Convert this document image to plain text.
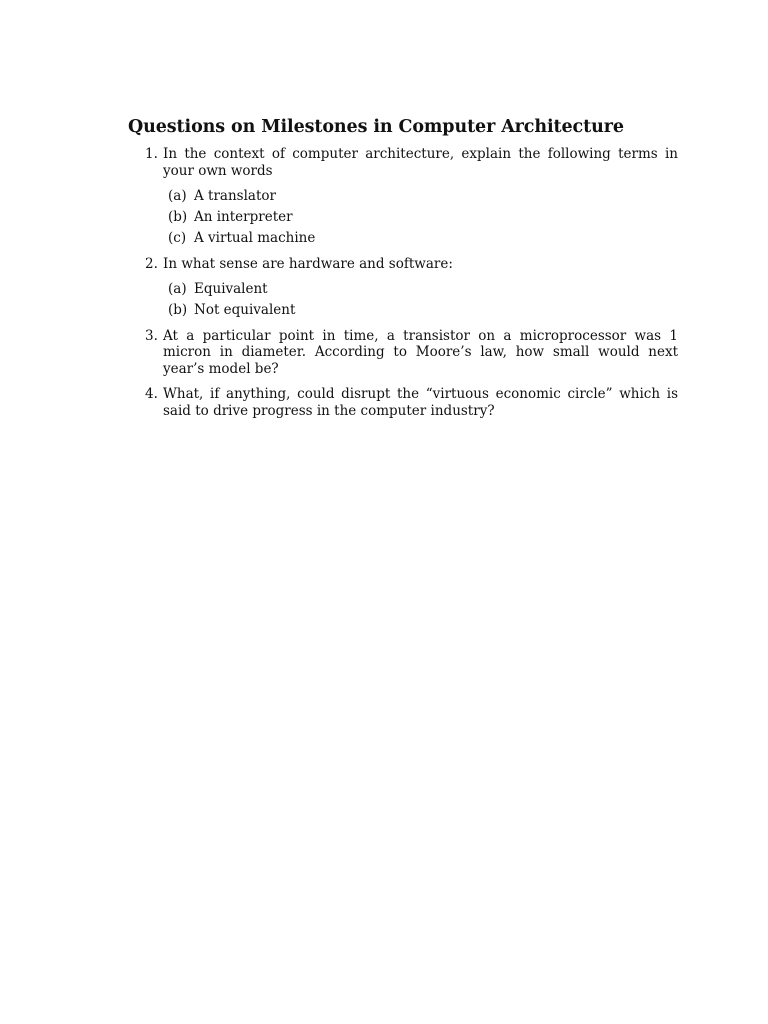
Questions on Milestones in Computer Architecture
1. In the context of computer architecture, explain the following terms in your own words
(a) A translator
(b) An interpreter
(c) A virtual machine
2. In what sense are hardware and software:
(a) Equivalent
(b) Not equivalent
3. At a particular point in time, a transistor on a microprocessor was 1 micron in diameter. According to Moore’s law, how small would next year’s model be?
4. What, if anything, could disrupt the “virtuous economic circle” which is said to drive progress in the computer industry?
